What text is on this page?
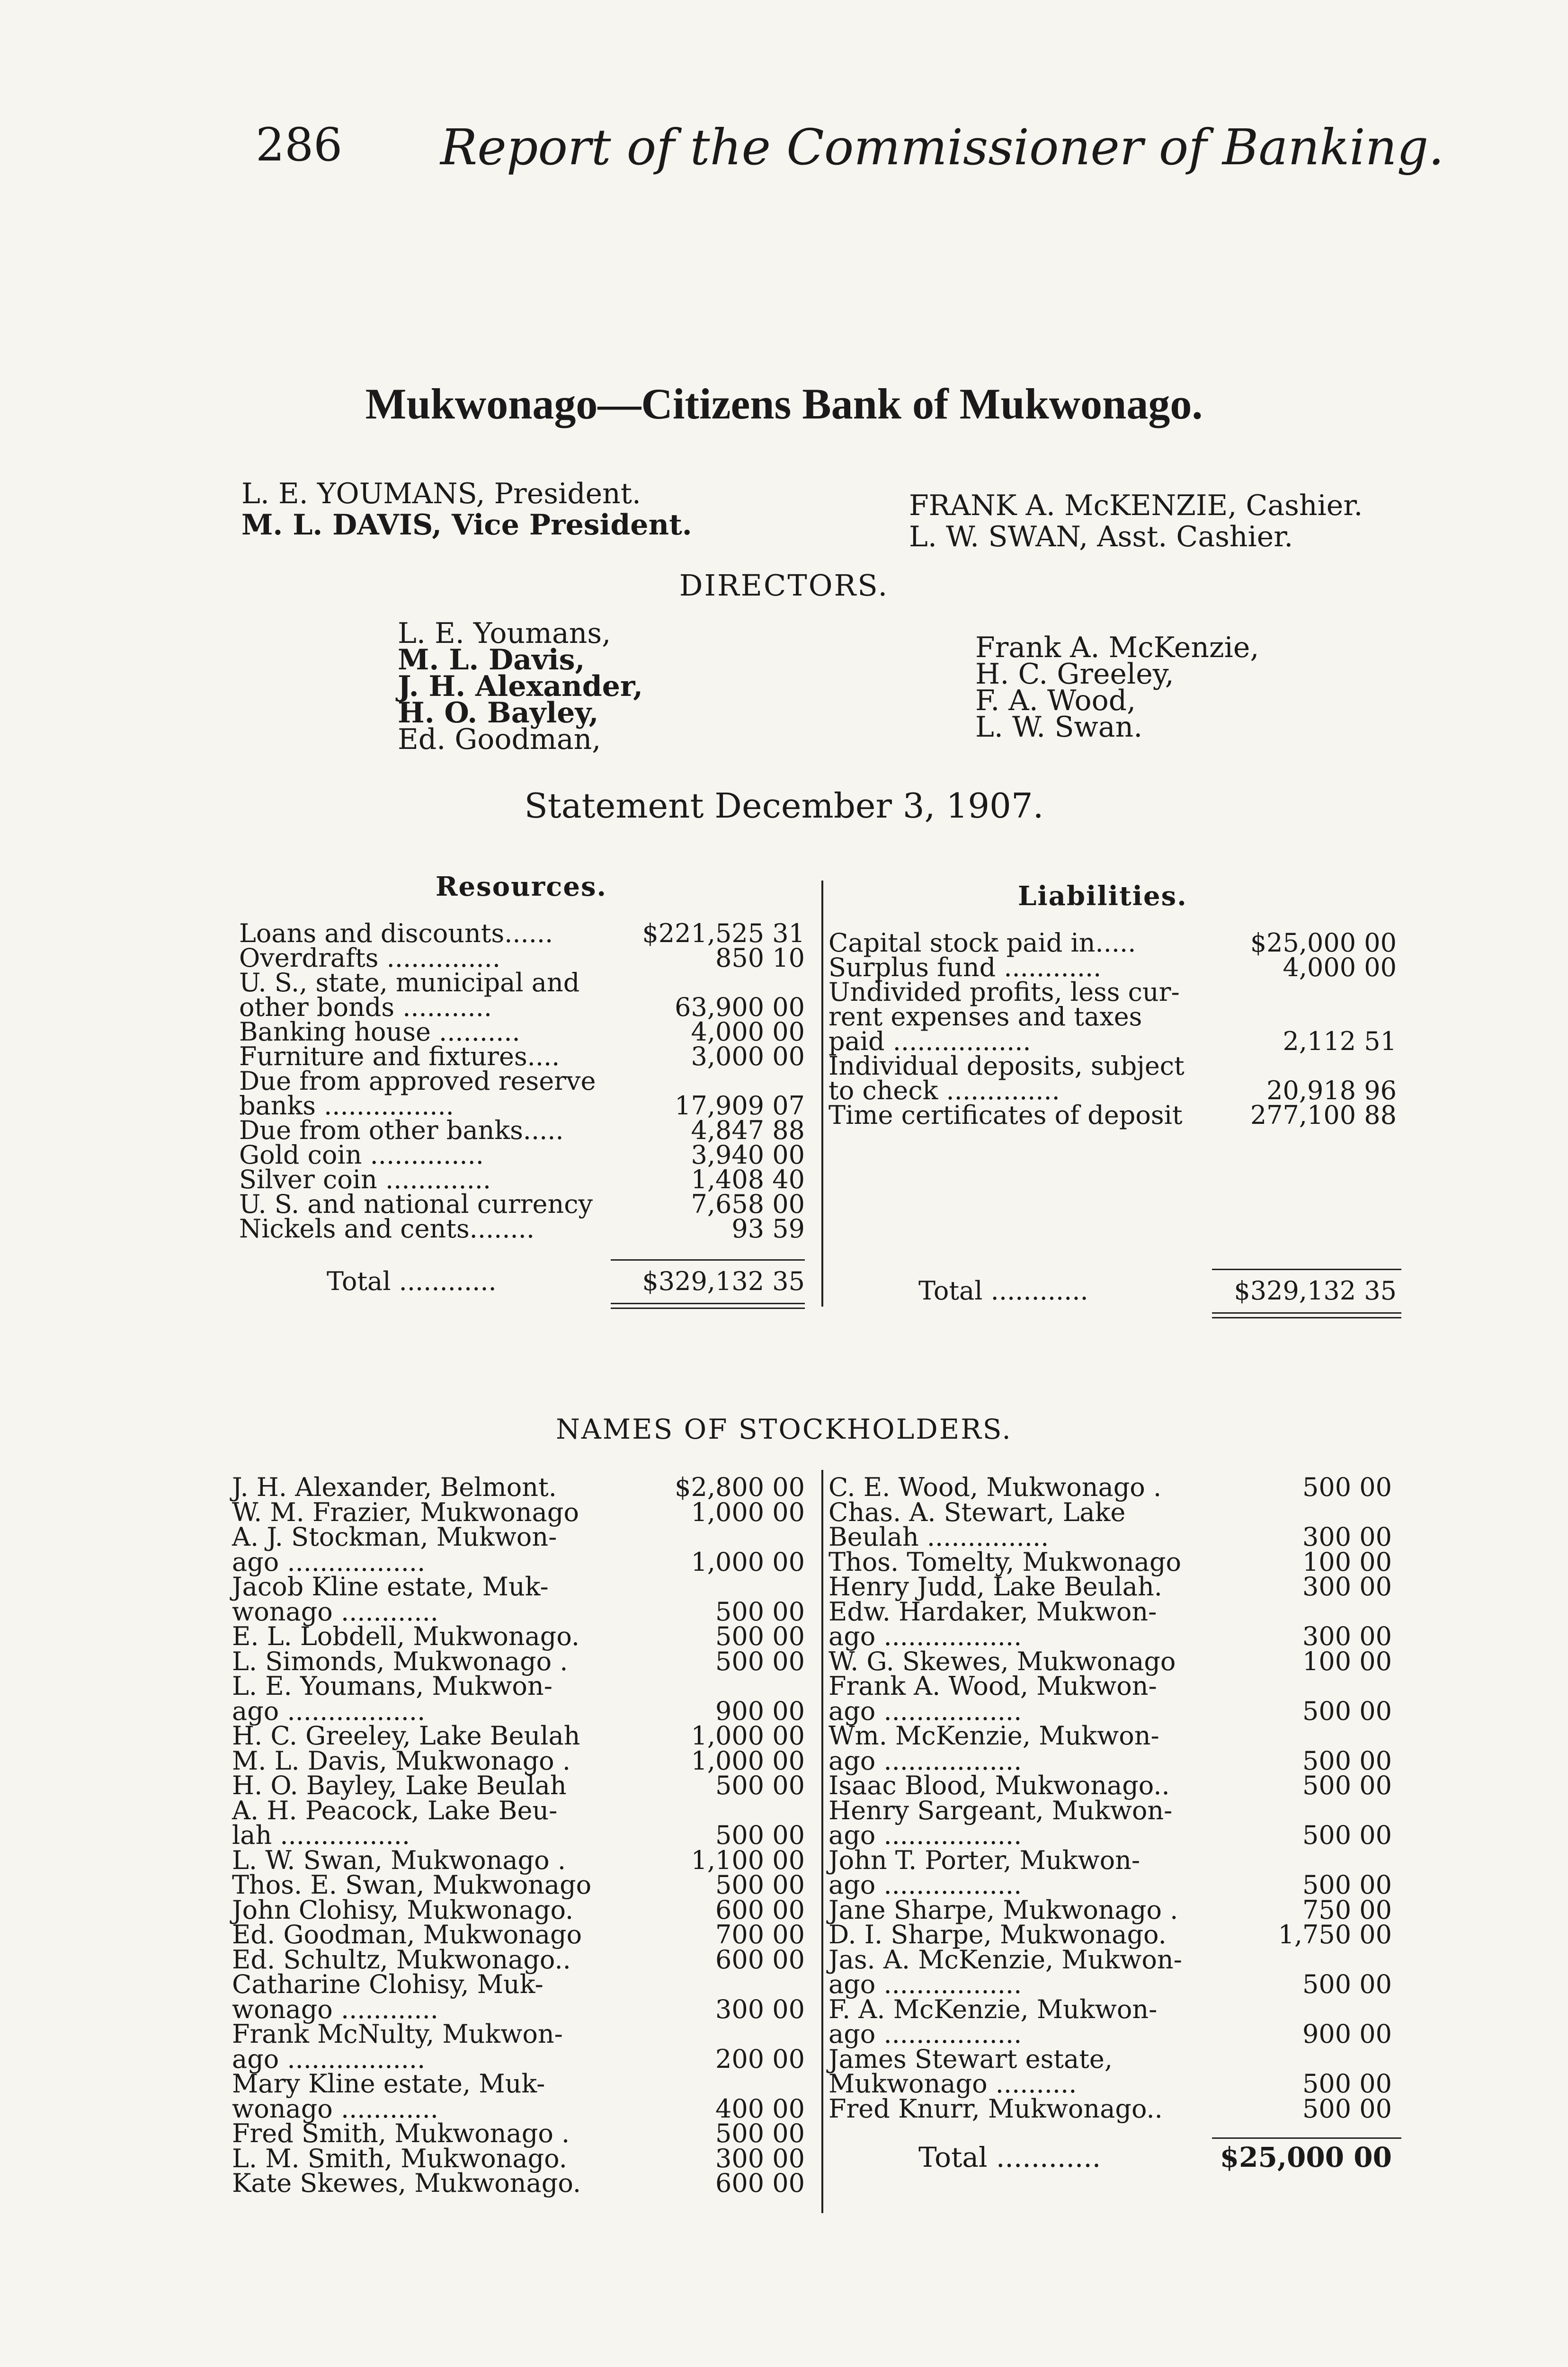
286 Report of the Commissioner of Banking.
Mukwonago—Citizens Bank of Mukwonago.
L. E. YOUMANS, President.
M. L. DAVIS, Vice President.
FRANK A. McKENZIE, Cashier.
L. W. SWAN, Asst. Cashier.
DIRECTORS.
L. E. Youmans,
M. L. Davis,
J. H. Alexander,
H. O. Bayley,
Ed. Goodman,
Frank A. McKenzie,
H. C. Greeley,
F. A. Wood,
L. W. Swan.
Statement December 3, 1907.
Resources.	Liabilities.
Loans and discounts......	$221,525 31
Overdrafts ..............	850 10
U. S., state, municipal and
other bonds ...........	63,900 00
Banking house ..........	4,000 00
Furniture and fixtures....	3,000 00
Due from approved reserve
banks ................	17,909 07
Due from other banks.....	4,847 88
Gold coin ..............	3,940 00
Silver coin .............	1,408 40
U. S. and national currency	7,658 00
Nickels and cents........	93 59
Capital stock paid in.....	$25,000 00
Surplus fund ............	4,000 00
Undivided profits, less cur-
rent expenses and taxes
paid .................	2,112 51
Individual deposits, subject
to check ..............	20,918 96
Time certificates of deposit	277,100 88
Total ............	$329,132 35	Total ............	$329,132 35
NAMES OF STOCKHOLDERS.
J. H. Alexander, Belmont.	$2,800 00
W. M. Frazier, Mukwonago	1,000 00
A. J. Stockman, Mukwon-
ago .................	1,000 00
Jacob Kline estate, Muk-
wonago ............	500 00
E. L. Lobdell, Mukwonago.	500 00
L. Simonds, Mukwonago .	500 00
L. E. Youmans, Mukwon-
ago .................	900 00
H. C. Greeley, Lake Beulah	1,000 00
M. L. Davis, Mukwonago .	1,000 00
H. O. Bayley, Lake Beulah	500 00
A. H. Peacock, Lake Beu-
lah ................	500 00
L. W. Swan, Mukwonago .	1,100 00
Thos. E. Swan, Mukwonago	500 00
John Clohisy, Mukwonago.	600 00
Ed. Goodman, Mukwonago	700 00
Ed. Schultz, Mukwonago..	600 00
Catharine Clohisy, Muk-
wonago ............	300 00
Frank McNulty, Mukwon-
ago .................	200 00
Mary Kline estate, Muk-
wonago ............	400 00
Fred Smith, Mukwonago .	500 00
L. M. Smith, Mukwonago.	300 00
Kate Skewes, Mukwonago.	600 00
C. E. Wood, Mukwonago .	500 00
Chas. A. Stewart, Lake
Beulah ...............	300 00
Thos. Tomelty, Mukwonago	100 00
Henry Judd, Lake Beulah.	300 00
Edw. Hardaker, Mukwon-
ago .................	300 00
W. G. Skewes, Mukwonago	100 00
Frank A. Wood, Mukwon-
ago .................	500 00
Wm. McKenzie, Mukwon-
ago .................	500 00
Isaac Blood, Mukwonago..	500 00
Henry Sargeant, Mukwon-
ago .................	500 00
John T. Porter, Mukwon-
ago .................	500 00
Jane Sharpe, Mukwonago .	750 00
D. I. Sharpe, Mukwonago.	1,750 00
Jas. A. McKenzie, Mukwon-
ago .................	500 00
F. A. McKenzie, Mukwon-
ago .................	900 00
James Stewart estate,
Mukwonago ..........	500 00
Fred Knurr, Mukwonago..	500 00
Total ............	$25,000 00
